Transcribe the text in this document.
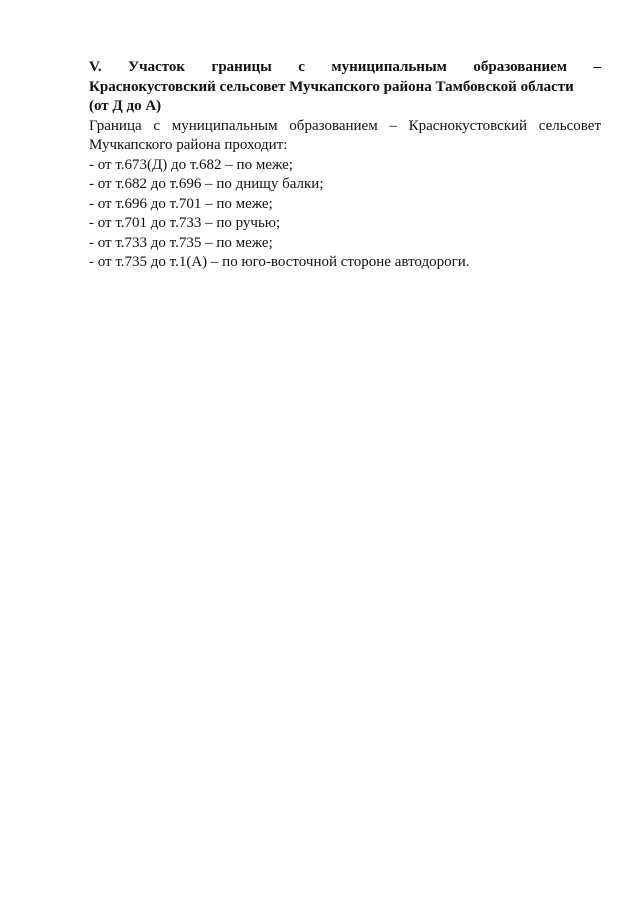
V. Участок границы с муниципальным образованием –
Краснокустовский сельсовет Мучкапского района Тамбовской области
(от Д до А)

Граница с муниципальным образованием – Краснокустовский сельсовет
Мучкапского района проходит:

- от т.673(Д) до т.682 – по меже;
- от т.682 до т.696 – по днищу балки;
- от т.696 до т.701 – по меже;
- от т.701 до т.733 – по ручью;
- от т.733 до т.735 – по меже;
- от т.735 до т.1(А) – по юго-восточной стороне автодороги.
